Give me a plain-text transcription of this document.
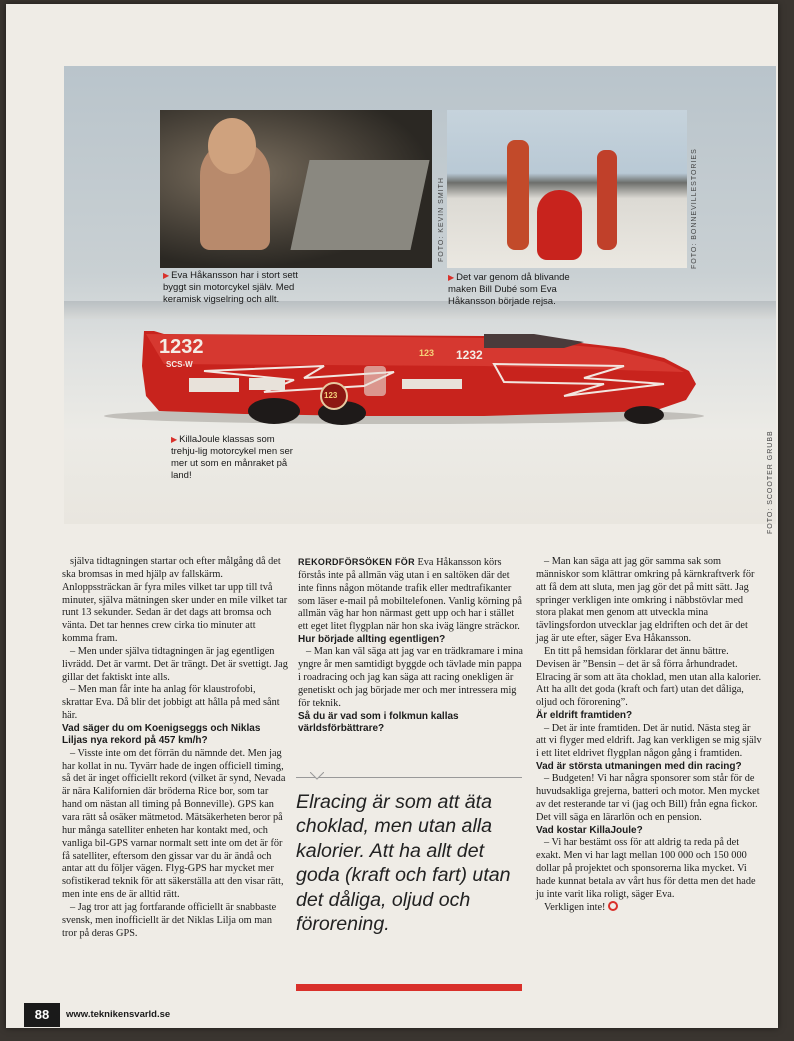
1232
SCS-W
1232
123
123
FOTO: KEVIN SMITH	FOTO: BONNEVILLESTORIES
▶ Eva Håkansson har i stort sett byggt sin motorcykel själv. Med keramisk vigselring och allt.
▶ Det var genom då blivande maken Bill Dubé som Eva Håkansson började rejsa.
▶ KillaJoule klassas som trehju-lig motorcykel men ser mer ut som en månraket på land!	FOTO: SCOOTER GRUBB

själva tidtagningen startar och efter målgång då det ska bromsas in med hjälp av fallskärm. Anloppssträckan är fyra miles vilket tar upp till två minuter, själva mätningen sker under en mile vilket tar runt 13 sekunder. Sedan är det dags att bromsa och vänta. Det tar hennes crew cirka tio minuter att komma fram.

– Men under själva tidtagningen är jag egentligen livrädd. Det är varmt. Det är trängt. Det är svettigt. Jag gillar det faktiskt inte alls.

– Men man får inte ha anlag för klaustrofobi, skrattar Eva. Då blir det jobbigt att hålla på med sånt här.

Vad säger du om Koenigseggs och Niklas Liljas nya rekord på 457 km/h?

– Visste inte om det förrän du nämnde det. Men jag har kollat in nu. Tyvärr hade de ingen officiell timing, så det är inget officiellt rekord (vilket är synd, Nevada är nära Kalifornien där bröderna Rice bor, som tar hand om nästan all timing på Bonneville). GPS kan vara rätt så osäker mätmetod. Mätsäkerheten beror på hur många satelliter enheten har kontakt med, och vanliga bil-GPS varnar normalt sett inte om det är för få satelliter, eftersom den gissar var du är ändå och antar att du följer vägen. Flyg-GPS har mycket mer sofistikerad teknik för att säkerställa att den visar rätt, men inte ens de är alltid rätt.

– Jag tror att jag fortfarande officiellt är snabbaste svensk, men inofficiellt är det Niklas Lilja om man tror på deras GPS.

REKORDFÖRSÖKEN FÖR Eva Håkansson körs förstås inte på allmän väg utan i en saltöken där det inte finns någon mötande trafik eller medtrafikanter som läser e-mail på mobiltelefonen. Vanlig körning på allmän väg har hon närmast gett upp och har i stället ett eget litet flygplan när hon ska iväg längre sträckor.

Hur började allting egentligen?

– Man kan väl säga att jag var en trädkramare i mina yngre år men samtidigt byggde och tävlade min pappa i roadracing och jag kan säga att racing onekligen är genetiskt och jag började mer och mer intressera mig för teknik.

Så du är vad som i folkmun kallas världsförbättrare?

Elracing är som att äta choklad, men utan alla kalorier. Att ha allt det goda (kraft och fart) utan det dåliga, oljud och förorening.

– Man kan säga att jag gör samma sak som människor som klättrar omkring på kärnkraftverk för att få dem att sluta, men jag gör det på mitt sätt. Jag springer verkligen inte omkring i näbbstövlar med stora plakat men genom att utveckla mina tävlingsfordon utvecklar jag eldriften och det är det jag är ute efter, säger Eva Håkansson.

En titt på hemsidan förklarar det ännu bättre. Devisen är ”Bensin – det är så förra århundradet. Elracing är som att äta choklad, men utan alla kalorier. Att ha allt det goda (kraft och fart) utan det dåliga, oljud och förorening”.

Är eldrift framtiden?

– Det är inte framtiden. Det är nutid. Nästa steg är att vi flyger med eldrift. Jag kan verkligen se mig själv i ett litet eldrivet flygplan någon gång i framtiden.

Vad är största utmaningen med din racing?

– Budgeten! Vi har några sponsorer som står för de huvudsakliga grejerna, batteri och motor. Men mycket av det resterande tar vi (jag och Bill) från egna fickor. Det vill säga en lärarlön och en pension.

Vad kostar KillaJoule?

– Vi har bestämt oss för att aldrig ta reda på det exakt. Men vi har lagt mellan 100 000 och 150 000 dollar på projektet och sponsorerna lika mycket. Vi hade kunnat betala av vårt hus för detta men det hade ju inte varit lika roligt, säger Eva.

Verkligen inte!

88	www.teknikensvarld.se
